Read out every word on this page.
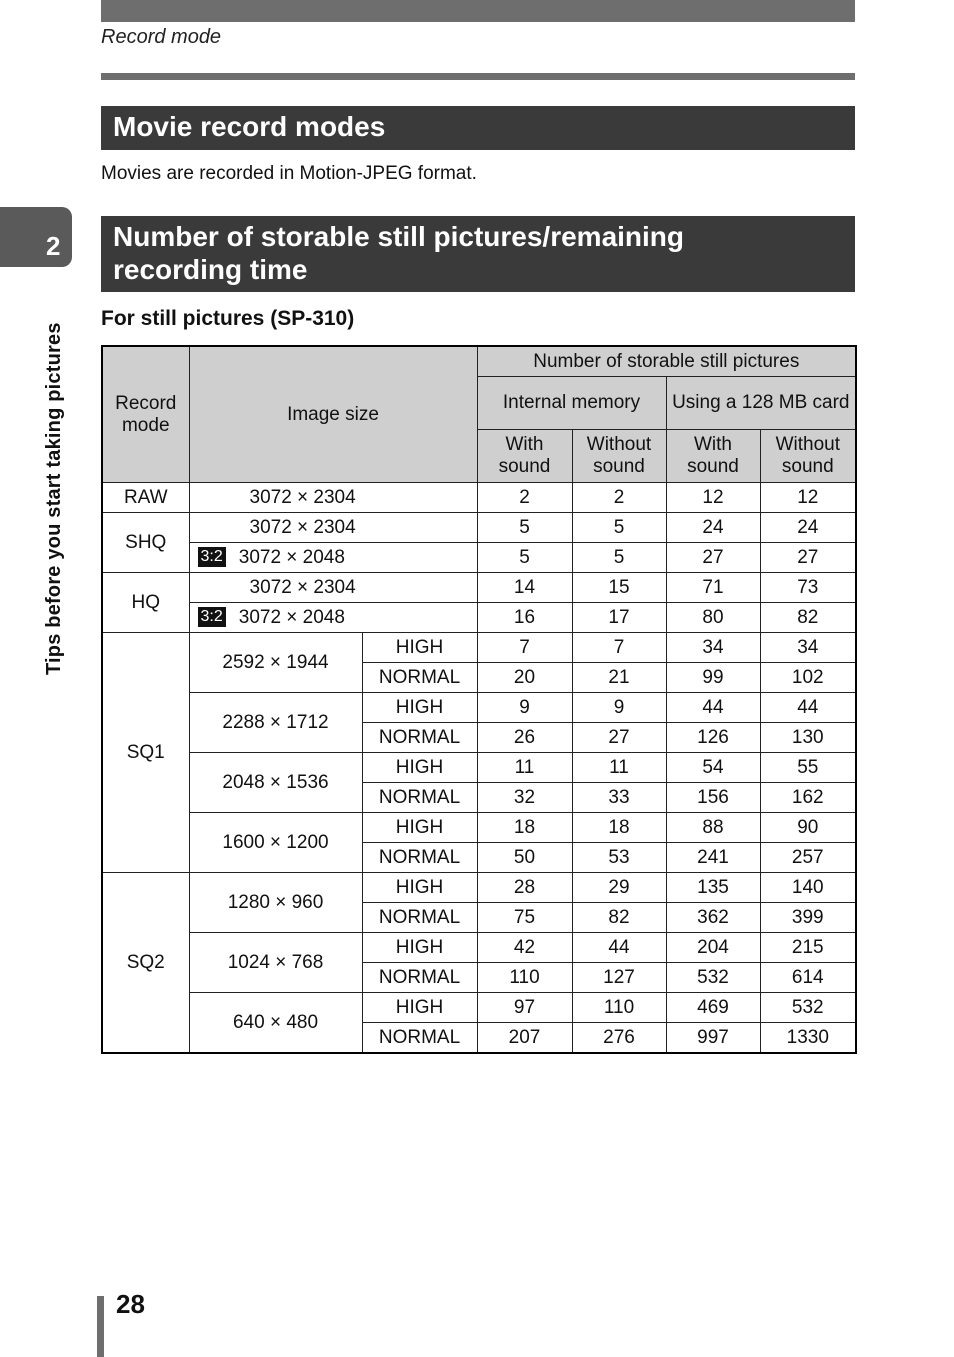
Record mode
2
Tips before you start taking pictures
Movie record modes
Movies are recorded in Motion-JPEG format.
Number of storable still pictures/remaining
recording time
For still pictures (SP-310)
Record mode	Image size		Number of storable still pictures			
			Internal memory		Using a 128 MB card	
			With sound	Without sound	With sound	Without sound
RAW	3072 × 2304		2	2	12	12
SHQ	3072 × 2304		5	5	24	24
	3:2 3072 × 2048		5	5	27	27
HQ	3072 × 2304		14	15	71	73
	3:2 3072 × 2048		16	17	80	82
SQ1	2592 × 1944	HIGH	7	7	34	34
		NORMAL	20	21	99	102
	2288 × 1712	HIGH	9	9	44	44
		NORMAL	26	27	126	130
	2048 × 1536	HIGH	11	11	54	55
		NORMAL	32	33	156	162
	1600 × 1200	HIGH	18	18	88	90
		NORMAL	50	53	241	257
SQ2	1280 × 960	HIGH	28	29	135	140
		NORMAL	75	82	362	399
	1024 × 768	HIGH	42	44	204	215
		NORMAL	110	127	532	614
	640 × 480	HIGH	97	110	469	532
		NORMAL	207	276	997	1330
28
